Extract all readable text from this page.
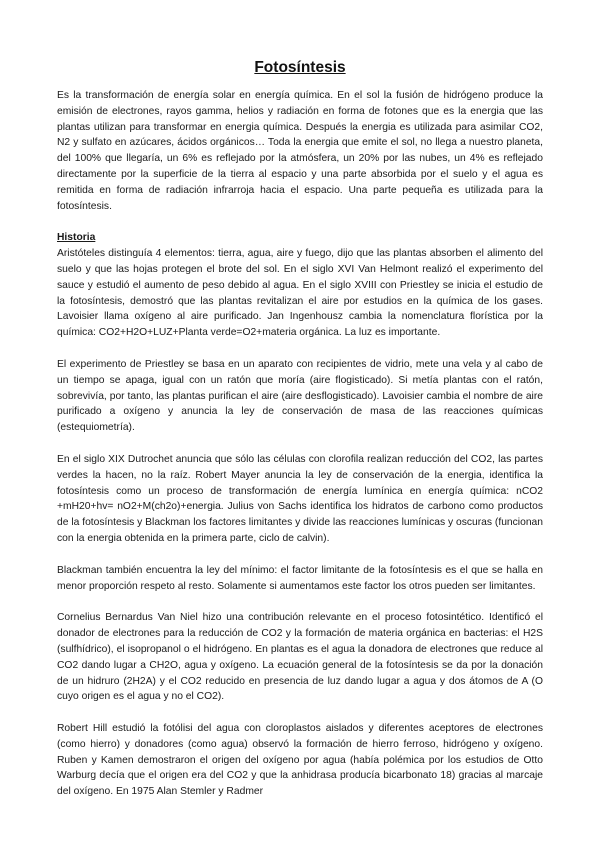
Fotosíntesis

Es la transformación de energía solar en energía química. En el sol la fusión de hidrógeno produce la emisión de electrones, rayos gamma, helios y radiación en forma de fotones que es la energia que las plantas utilizan para transformar en energia química. Después la energia es utilizada para asimilar CO2, N2 y sulfato en azúcares, ácidos orgánicos… Toda la energia que emite el sol, no llega a nuestro planeta, del 100% que llegaría, un 6% es reflejado por la atmósfera, un 20% por las nubes, un 4% es reflejado directamente por la superficie de la tierra al espacio y una parte absorbida por el suelo y el agua es remitida en forma de radiación infrarroja hacia el espacio. Una parte pequeña es utilizada para la fotosíntesis.

Historia

Aristóteles distinguía 4 elementos: tierra, agua, aire y fuego, dijo que las plantas absorben el alimento del suelo y que las hojas protegen el brote del sol. En el siglo XVI Van Helmont realizó el experimento del sauce y estudió el aumento de peso debido al agua. En el siglo XVIII con Priestley se inicia el estudio de la fotosíntesis, demostró que las plantas revitalizan el aire por estudios en la química de los gases. Lavoisier llama oxígeno al aire purificado. Jan Ingenhousz cambia la nomenclatura florística por la química: CO2+H2O+LUZ+Planta verde=O2+materia orgánica. La luz es importante.

El experimento de Priestley se basa en un aparato con recipientes de vidrio, mete una vela y al cabo de un tiempo se apaga, igual con un ratón que moría (aire flogisticado). Si metía plantas con el ratón, sobrevivía, por tanto, las plantas purifican el aire (aire desflogisticado). Lavoisier cambia el nombre de aire purificado a oxígeno y anuncia la ley de conservación de masa de las reacciones químicas (estequiometría).

En el siglo XIX Dutrochet anuncia que sólo las células con clorofila realizan reducción del CO2, las partes verdes la hacen, no la raíz. Robert Mayer anuncia la ley de conservación de la energia, identifica la fotosíntesis como un proceso de transformación de energía lumínica en energía química: nCO2 +mH20+hv= nO2+M(ch2o)+energia. Julius von Sachs identifica los hidratos de carbono como productos de la fotosíntesis y Blackman los factores limitantes y divide las reacciones lumínicas y oscuras (funcionan con la energia obtenida en la primera parte, ciclo de calvin).

Blackman también encuentra la ley del mínimo: el factor limitante de la fotosíntesis es el que se halla en menor proporción respeto al resto. Solamente si aumentamos este factor los otros pueden ser limitantes.

Cornelius Bernardus Van Niel hizo una contribución relevante en el proceso fotosintético. Identificó el donador de electrones para la reducción de CO2 y la formación de materia orgánica en bacterias: el H2S (sulfhídrico), el isopropanol o el hidrógeno. En plantas es el agua la donadora de electrones que reduce al CO2 dando lugar a CH2O, agua y oxígeno. La ecuación general de la fotosíntesis se da por la donación de un hidruro (2H2A) y el CO2 reducido en presencia de luz dando lugar a agua y dos átomos de A (O cuyo origen es el agua y no el CO2).

Robert Hill estudió la fotólisi del agua con cloroplastos aislados y diferentes aceptores de electrones (como hierro) y donadores (como agua) observó la formación de hierro ferroso, hidrógeno y oxígeno. Ruben y Kamen demostraron el origen del oxígeno por agua (había polémica por los estudios de Otto Warburg decía que el origen era del CO2 y que la anhidrasa producía bicarbonato 18) gracias al marcaje del oxígeno. En 1975 Alan Stemler y Radmer
